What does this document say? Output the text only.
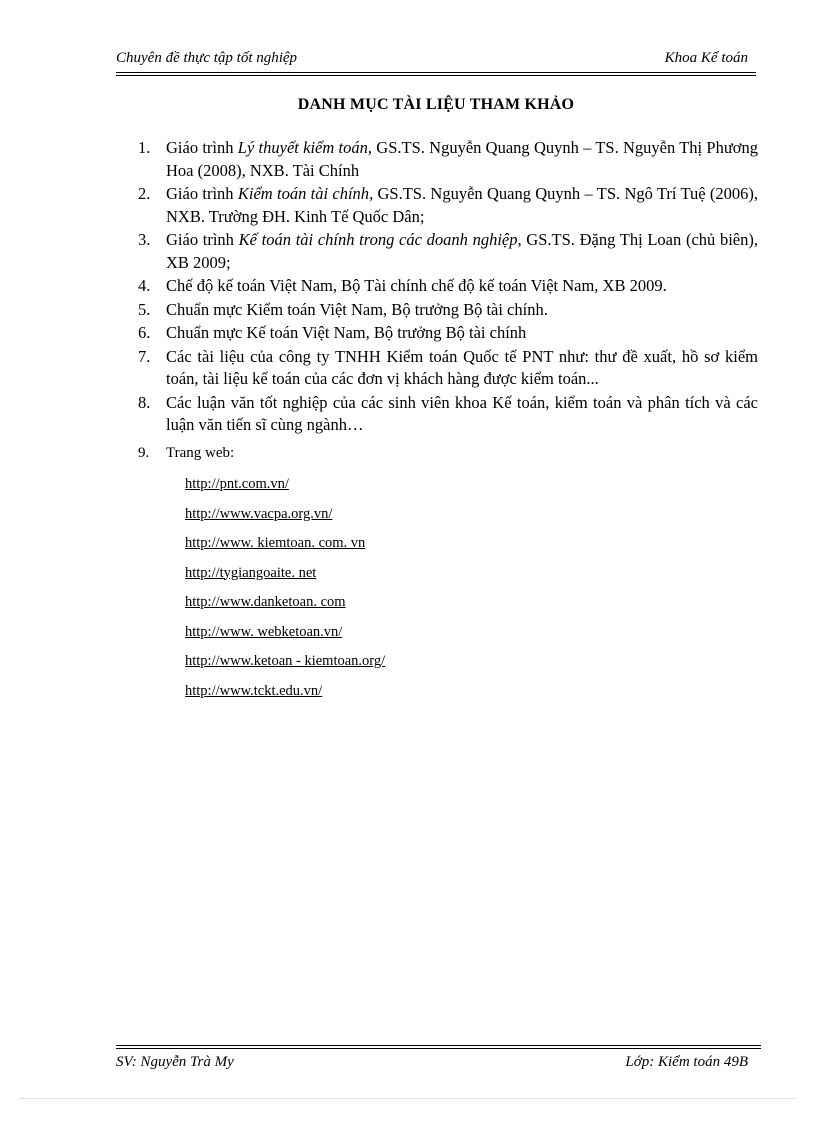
Chuyên đề thực tập tốt nghiệp	Khoa Kế toán
DANH MỤC TÀI LIỆU THAM KHẢO
1. Giáo trình Lý thuyết kiểm toán, GS.TS. Nguyễn Quang Quynh – TS. Nguyễn Thị Phương Hoa (2008), NXB. Tài Chính
2. Giáo trình Kiểm toán tài chính, GS.TS. Nguyễn Quang Quynh – TS. Ngô Trí Tuệ (2006), NXB. Trường ĐH. Kinh Tế Quốc Dân;
3. Giáo trình Kế toán tài chính trong các doanh nghiệp, GS.TS. Đặng Thị Loan (chủ biên), XB 2009;
4. Chế độ kế toán Việt Nam, Bộ Tài chính chế độ kế toán Việt Nam, XB 2009.
5. Chuẩn mực Kiểm toán Việt Nam, Bộ trưởng Bộ tài chính.
6. Chuẩn mực Kế toán Việt Nam, Bộ trưởng Bộ tài chính
7. Các tài liệu của công ty TNHH Kiểm toán Quốc tế PNT như: thư đề xuất, hồ sơ kiểm toán, tài liệu kế toán của các đơn vị khách hàng được kiểm toán...
8. Các luận văn tốt nghiệp của các sinh viên khoa Kế toán, kiểm toán và phân tích và các luận văn tiến sĩ cùng ngành…
9. Trang web:
http://pnt.com.vn/
http://www.vacpa.org.vn/
http://www. kiemtoan. com. vn
http://tygiangoaite. net
http://www.danketoan. com
http://www. webketoan.vn/
http://www.ketoan - kiemtoan.org/
http://www.tckt.edu.vn/
SV: Nguyễn Trà My	Lớp: Kiểm toán 49B
